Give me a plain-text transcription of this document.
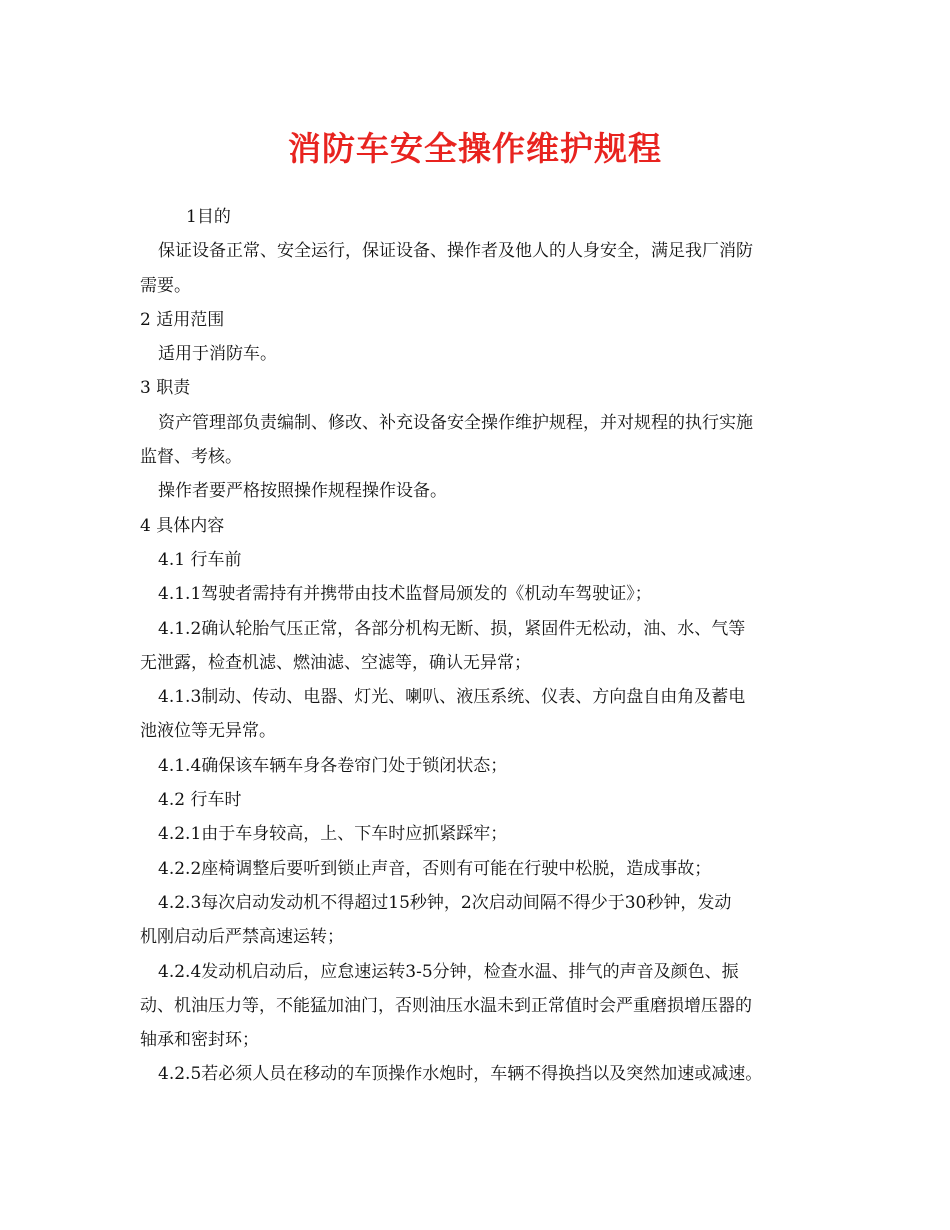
消防车安全操作维护规程
1目的
保证设备正常、安全运行，保证设备、操作者及他人的人身安全，满足我厂消防
需要。
2 适用范围
适用于消防车。
3 职责
资产管理部负责编制、修改、补充设备安全操作维护规程，并对规程的执行实施
监督、考核。
操作者要严格按照操作规程操作设备。
4 具体内容
4.1 行车前
4.1.1驾驶者需持有并携带由技术监督局颁发的《机动车驾驶证》；
4.1.2确认轮胎气压正常，各部分机构无断、损，紧固件无松动，油、水、气等
无泄露，检查机滤、燃油滤、空滤等，确认无异常；
4.1.3制动、传动、电器、灯光、喇叭、液压系统、仪表、方向盘自由角及蓄电
池液位等无异常。
4.1.4确保该车辆车身各卷帘门处于锁闭状态；
4.2 行车时
4.2.1由于车身较高，上、下车时应抓紧踩牢；
4.2.2座椅调整后要听到锁止声音，否则有可能在行驶中松脱，造成事故；
4.2.3每次启动发动机不得超过15秒钟，2次启动间隔不得少于30秒钟，发动
机刚启动后严禁高速运转；
4.2.4发动机启动后，应怠速运转3-5分钟，检查水温、排气的声音及颜色、振
动、机油压力等，不能猛加油门，否则油压水温未到正常值时会严重磨损增压器的
轴承和密封环；
4.2.5若必须人员在移动的车顶操作水炮时，车辆不得换挡以及突然加速或减速。
